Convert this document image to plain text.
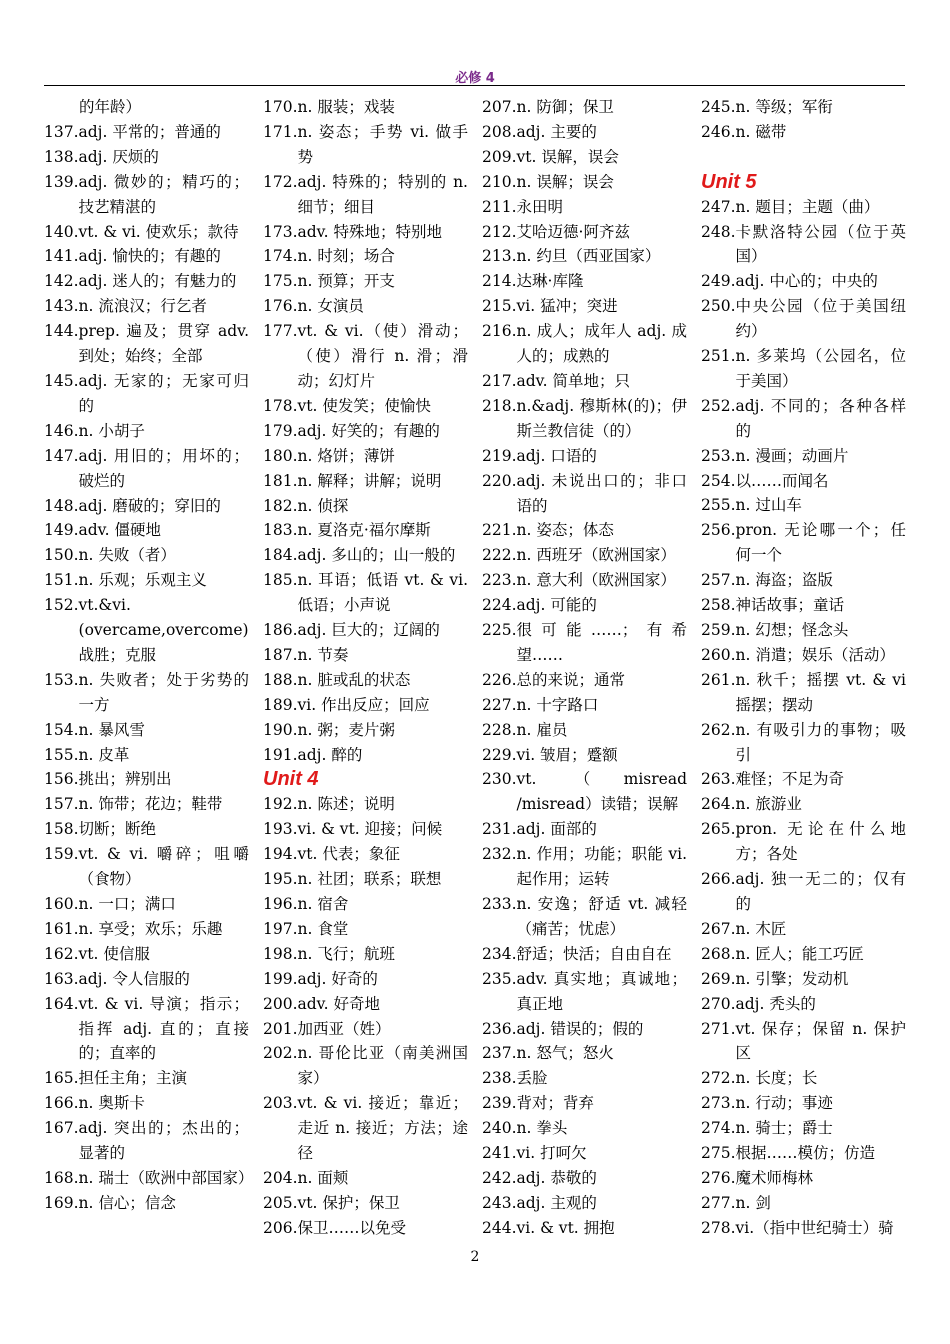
必修 4
的年龄）
137. adj. 平常的；普通的
138. adj. 厌烦的
139. adj. 微妙的；精巧的；技艺精湛的
140. vt. & vi. 使欢乐；款待
141. adj. 愉快的；有趣的
142. adj. 迷人的；有魅力的
143. n. 流浪汉；行乞者
144. prep. 遍及；贯穿 adv. 到处；始终；全部
145. adj. 无家的；无家可归的
146. n. 小胡子
147. adj. 用旧的；用坏的；破烂的
148. adj. 磨破的；穿旧的
149. adv. 僵硬地
150. n. 失败（者）
151. n. 乐观；乐观主义
152. vt.&vi. (overcame,overcome) 战胜；克服
153. n. 失败者；处于劣势的一方
154. n. 暴风雪
155. n. 皮革
156. 挑出；辨别出
157. n. 饰带；花边；鞋带
158. 切断；断绝
159. vt. & vi. 嚼碎；咀嚼（食物）
160. n. 一口；满口
161. n. 享受；欢乐；乐趣
162. vt. 使信服
163. adj. 令人信服的
164. vt. & vi. 导演；指示；指挥 adj. 直的；直接的；直率的
165. 担任主角；主演
166. n. 奥斯卡
167. adj. 突出的；杰出的；显著的
168. n. 瑞士（欧洲中部国家）
169. n. 信心；信念
170. n. 服装；戏装
171. n. 姿态；手势 vi. 做手势
172. adj. 特殊的；特别的 n. 细节；细目
173. adv. 特殊地；特别地
174. n. 时刻；场合
175. n. 预算；开支
176. n. 女演员
177. vt. & vi.（使）滑动；（使）滑行 n. 滑；滑动；幻灯片
178. vt. 使发笑；使愉快
179. adj. 好笑的；有趣的
180. n. 烙饼；薄饼
181. n. 解释；讲解；说明
182. n. 侦探
183. n. 夏洛克·福尔摩斯
184. adj. 多山的；山一般的
185. n. 耳语；低语 vt. & vi. 低语；小声说
186. adj. 巨大的；辽阔的
187. n. 节奏
188. n. 脏或乱的状态
189. vi. 作出反应；回应
190. n. 粥；麦片粥
191. adj. 醉的
Unit 4
192. n. 陈述；说明
193. vi. & vt. 迎接；问候
194. vt. 代表；象征
195. n. 社团；联系；联想
196. n. 宿舍
197. n. 食堂
198. n. 飞行；航班
199. adj. 好奇的
200. adv. 好奇地
201. 加西亚（姓）
202. n. 哥伦比亚（南美洲国家）
203. vt. & vi. 接近；靠近；走近 n. 接近；方法；途径
204. n. 面颊
205. vt. 保护；保卫
206. 保卫……以免受
207. n. 防御；保卫
208. adj. 主要的
209. vt. 误解，误会
210. n. 误解；误会
211. 永田明
212. 艾哈迈德·阿齐兹
213. n. 约旦（西亚国家）
214. 达琳·库隆
215. vi. 猛冲；突进
216. n. 成人；成年人 adj. 成人的；成熟的
217. adv. 简单地；只
218. n.&adj. 穆斯林(的)；伊斯兰教信徒（的）
219. adj. 口语的
220. adj. 未说出口的；非口语的
221. n. 姿态；体态
222. n. 西班牙（欧洲国家）
223. n. 意大利（欧洲国家）
224. adj. 可能的
225. 很可能……；有希望……
226. 总的来说；通常
227. n. 十字路口
228. n. 雇员
229. vi. 皱眉；蹙额
230. vt. （misread /misread）读错；误解
231. adj. 面部的
232. n. 作用；功能；职能 vi. 起作用；运转
233. n. 安逸；舒适 vt. 减轻（痛苦；忧虑）
234. 舒适；快活；自由自在
235. adv. 真实地；真诚地；真正地
236. adj. 错误的；假的
237. n. 怒气；怒火
238. 丢脸
239. 背对；背弃
240. n. 拳头
241. vi. 打呵欠
242. adj. 恭敬的
243. adj. 主观的
244. vi. & vt. 拥抱
245. n. 等级；军衔
246. n. 磁带
Unit 5
247. n. 题目；主题（曲）
248. 卡默洛特公园（位于英国）
249. adj. 中心的；中央的
250. 中央公园（位于美国纽约）
251. n. 多莱坞（公园名，位于美国）
252. adj. 不同的；各种各样的
253. n. 漫画；动画片
254. 以……而闻名
255. n. 过山车
256. pron. 无论哪一个；任何一个
257. n. 海盗；盗版
258. 神话故事；童话
259. n. 幻想；怪念头
260. n. 消遣；娱乐（活动）
261. n. 秋千；摇摆 vt. & vi 摇摆；摆动
262. n. 有吸引力的事物；吸引
263. 难怪；不足为奇
264. n. 旅游业
265. pron. 无论在什么地方；各处
266. adj. 独一无二的；仅有的
267. n. 木匠
268. n. 匠人；能工巧匠
269. n. 引擎；发动机
270. adj. 秃头的
271. vt. 保存；保留 n. 保护区
272. n. 长度；长
273. n. 行动；事迹
274. n. 骑士；爵士
275. 根据……模仿；仿造
276. 魔术师梅林
277. n. 剑
278. vi.（指中世纪骑士）骑
2
